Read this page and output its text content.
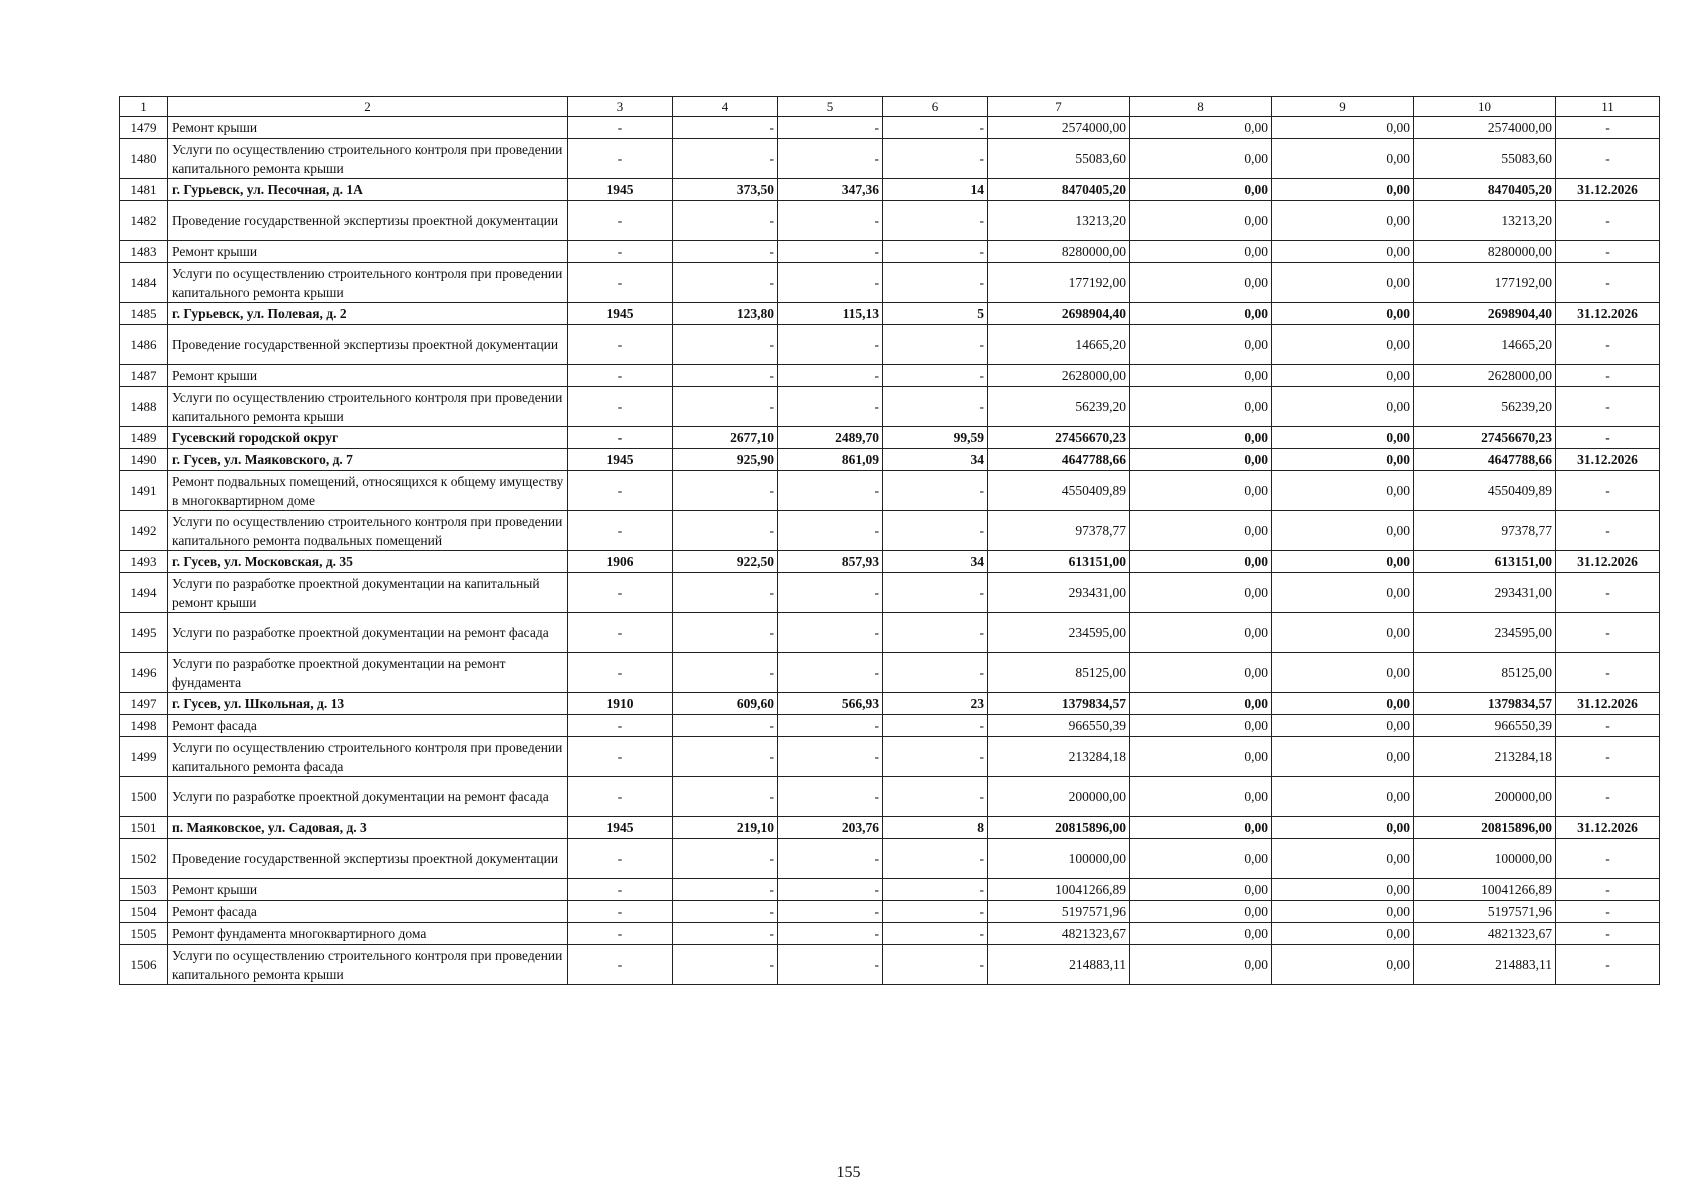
1	2	3	4	5	6	7	8	9	10	11
1479	Ремонт крыши	-	-	-	-	2574000,00	0,00	0,00	2574000,00	-
1480	Услуги по осуществлению строительного контроля при проведении капитального ремонта крыши	-	-	-	-	55083,60	0,00	0,00	55083,60	-
1481	г. Гурьевск, ул. Песочная, д. 1А	1945	373,50	347,36	14	8470405,20	0,00	0,00	8470405,20	31.12.2026
1482	Проведение государственной экспертизы проектной документации	-	-	-	-	13213,20	0,00	0,00	13213,20	-
1483	Ремонт крыши	-	-	-	-	8280000,00	0,00	0,00	8280000,00	-
1484	Услуги по осуществлению строительного контроля при проведении капитального ремонта крыши	-	-	-	-	177192,00	0,00	0,00	177192,00	-
1485	г. Гурьевск, ул. Полевая, д. 2	1945	123,80	115,13	5	2698904,40	0,00	0,00	2698904,40	31.12.2026
1486	Проведение государственной экспертизы проектной документации	-	-	-	-	14665,20	0,00	0,00	14665,20	-
1487	Ремонт крыши	-	-	-	-	2628000,00	0,00	0,00	2628000,00	-
1488	Услуги по осуществлению строительного контроля при проведении капитального ремонта крыши	-	-	-	-	56239,20	0,00	0,00	56239,20	-
1489	Гусевский городской округ	-	2677,10	2489,70	99,59	27456670,23	0,00	0,00	27456670,23	-
1490	г. Гусев, ул. Маяковского, д. 7	1945	925,90	861,09	34	4647788,66	0,00	0,00	4647788,66	31.12.2026
1491	Ремонт подвальных помещений, относящихся к общему имуществу в многоквартирном доме	-	-	-	-	4550409,89	0,00	0,00	4550409,89	-
1492	Услуги по осуществлению строительного контроля при проведении капитального ремонта подвальных помещений	-	-	-	-	97378,77	0,00	0,00	97378,77	-
1493	г. Гусев, ул. Московская, д. 35	1906	922,50	857,93	34	613151,00	0,00	0,00	613151,00	31.12.2026
1494	Услуги по разработке проектной документации на капитальный ремонт крыши	-	-	-	-	293431,00	0,00	0,00	293431,00	-
1495	Услуги по разработке проектной документации на ремонт фасада	-	-	-	-	234595,00	0,00	0,00	234595,00	-
1496	Услуги по разработке проектной документации на ремонт фундамента	-	-	-	-	85125,00	0,00	0,00	85125,00	-
1497	г. Гусев, ул. Школьная, д. 13	1910	609,60	566,93	23	1379834,57	0,00	0,00	1379834,57	31.12.2026
1498	Ремонт фасада	-	-	-	-	966550,39	0,00	0,00	966550,39	-
1499	Услуги по осуществлению строительного контроля при проведении капитального ремонта фасада	-	-	-	-	213284,18	0,00	0,00	213284,18	-
1500	Услуги по разработке проектной документации на ремонт фасада	-	-	-	-	200000,00	0,00	0,00	200000,00	-
1501	п. Маяковское, ул. Садовая, д. 3	1945	219,10	203,76	8	20815896,00	0,00	0,00	20815896,00	31.12.2026
1502	Проведение государственной экспертизы проектной документации	-	-	-	-	100000,00	0,00	0,00	100000,00	-
1503	Ремонт крыши	-	-	-	-	10041266,89	0,00	0,00	10041266,89	-
1504	Ремонт фасада	-	-	-	-	5197571,96	0,00	0,00	5197571,96	-
1505	Ремонт фундамента многоквартирного дома	-	-	-	-	4821323,67	0,00	0,00	4821323,67	-
1506	Услуги по осуществлению строительного контроля при проведении капитального ремонта крыши	-	-	-	-	214883,11	0,00	0,00	214883,11	-
155
